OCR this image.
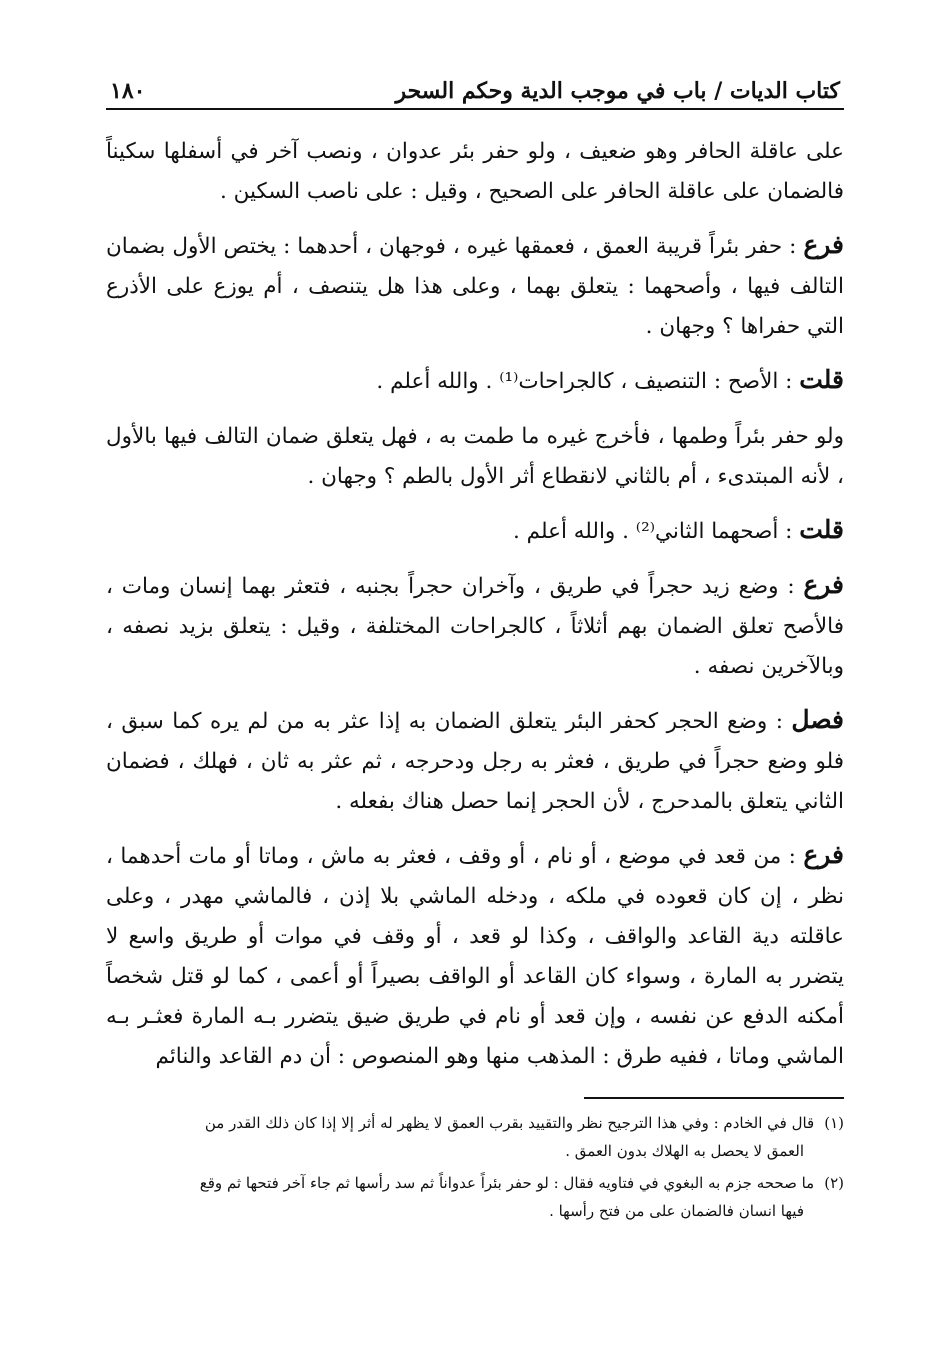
كتاب الديات / باب في موجب الدية وحكم السحر
١٨٠

على عاقلة الحافر وهو ضعيف ، ولو حفر بئر عدوان ، ونصب آخر في أسفلها سكيناً فالضمان على عاقلة الحافر على الصحيح ، وقيل : على ناصب السكين .

فرع : حفر بئراً قريبة العمق ، فعمقها غيره ، فوجهان ، أحدهما : يختص الأول بضمان التالف فيها ، وأصحهما : يتعلق بهما ، وعلى هذا هل يتنصف ، أم يوزع على الأذرع التي حفراها ؟ وجهان .

قلت : الأصح : التنصيف ، كالجراحات⁽¹⁾ . والله أعلم .

ولو حفر بئراً وطمها ، فأخرج غيره ما طمت به ، فهل يتعلق ضمان التالف فيها بالأول ، لأنه المبتدىء ، أم بالثاني لانقطاع أثر الأول بالطم ؟ وجهان .

قلت : أصحهما الثاني⁽²⁾ . والله أعلم .

فرع : وضع زيد حجراً في طريق ، وآخران حجراً بجنبه ، فتعثر بهما إنسان ومات ، فالأصح تعلق الضمان بهم أثلاثاً ، كالجراحات المختلفة ، وقيل : يتعلق بزيد نصفه ، وبالآخرين نصفه .

فصل : وضع الحجر كحفر البئر يتعلق الضمان به إذا عثر به من لم يره كما سبق ، فلو وضع حجراً في طريق ، فعثر به رجل ودحرجه ، ثم عثر به ثان ، فهلك ، فضمان الثاني يتعلق بالمدحرج ، لأن الحجر إنما حصل هناك بفعله .

فرع : من قعد في موضع ، أو نام ، أو وقف ، فعثر به ماش ، وماتا أو مات أحدهما ، نظر ، إن كان قعوده في ملكه ، ودخله الماشي بلا إذن ، فالماشي مهدر ، وعلى عاقلته دية القاعد والواقف ، وكذا لو قعد ، أو وقف في موات أو طريق واسع لا يتضرر به المارة ، وسواء كان القاعد أو الواقف بصيراً أو أعمى ، كما لو قتل شخصاً أمكنه الدفع عن نفسه ، وإن قعد أو نام في طريق ضيق يتضرر بـه المارة فعثـر بـه الماشي وماتا ، ففيه طرق : المذهب منها وهو المنصوص : أن دم القاعد والنائم

(١)قال في الخادم : وفي هذا الترجيح نظر والتقييد بقرب العمق لا يظهر له أثر إلا إذا كان ذلك القدر من
العمق لا يحصل به الهلاك بدون العمق .

(٢)ما صححه جزم به البغوي في فتاويه فقال : لو حفر بئراً عدواناً ثم سد رأسها ثم جاء آخر فتحها ثم وقع
فيها انسان فالضمان على من فتح رأسها .
